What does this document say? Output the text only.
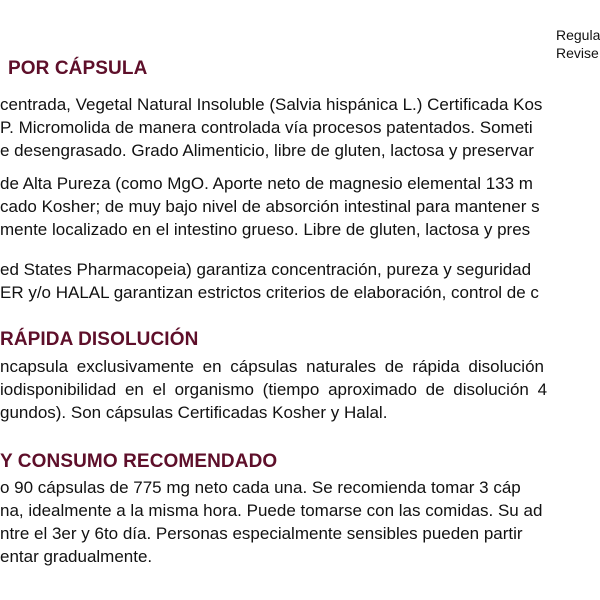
Regula
Revise
POR CÁPSULA
centrada, Vegetal Natural Insoluble (Salvia hispánica L.) Certificada Kos
P. Micromolida de manera controlada vía procesos patentados. Someti
e desengrasado. Grado Alimenticio, libre de gluten, lactosa y preservar
de Alta Pureza (como MgO. Aporte neto de magnesio elemental 133 m
cado Kosher; de muy bajo nivel de absorción intestinal para mantener s
mente localizado en el intestino grueso. Libre de gluten, lactosa y pres
ed States Pharmacopeia) garantiza concentración, pureza y seguridad
ER y/o HALAL garantizan estrictos criterios de elaboración, control de c
RÁPIDA DISOLUCIÓN
ncapsula exclusivamente en cápsulas naturales de rápida disolución
iodisponibilidad en el organismo (tiempo aproximado de disolución 4
gundos). Son cápsulas Certificadas Kosher y Halal.
Y CONSUMO RECOMENDADO
o 90 cápsulas de 775 mg neto cada una. Se recomienda tomar 3 cáp
na, idealmente a la misma hora. Puede tomarse con las comidas. Su ad
ntre el 3er y 6to día. Personas especialmente sensibles pueden partir
entar gradualmente.
